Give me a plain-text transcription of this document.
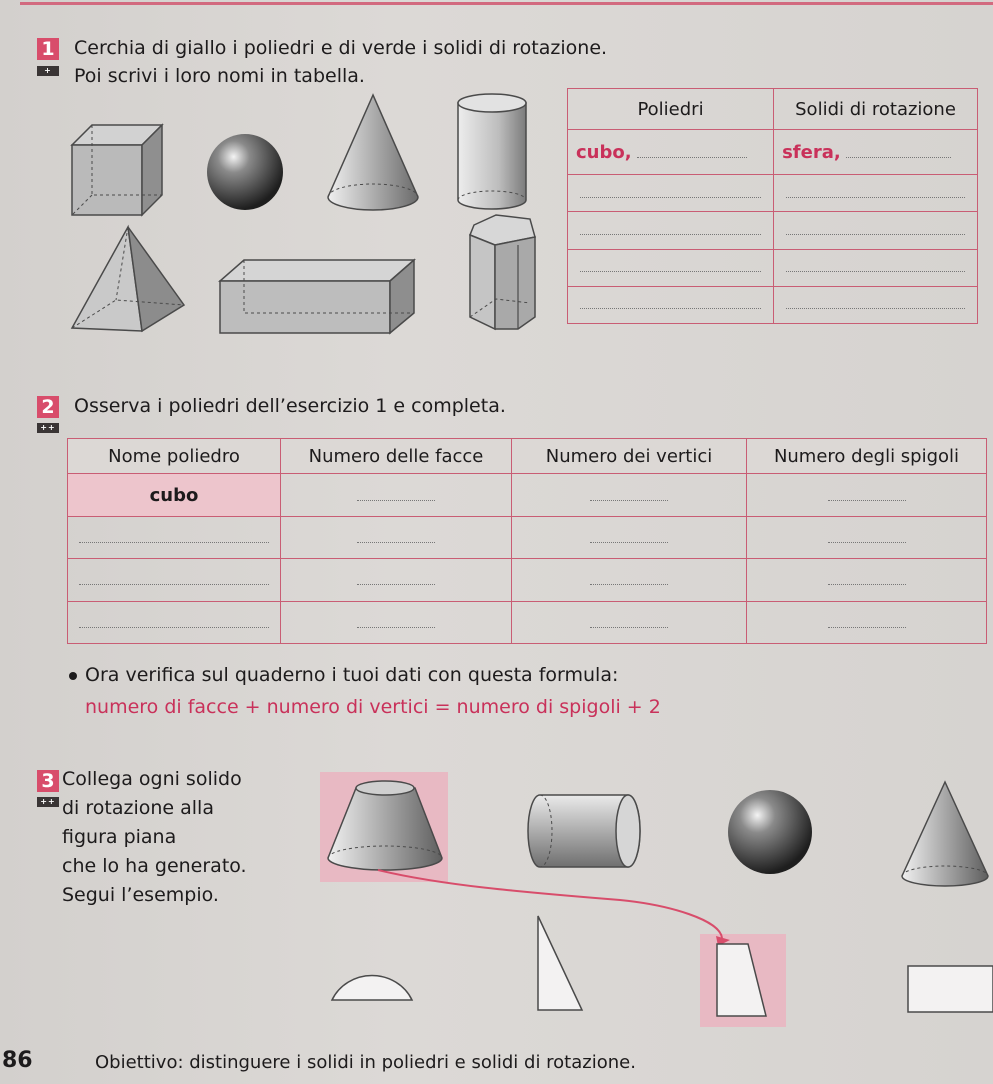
1
+
Cerchia di giallo i poliedri e di verde i solidi di rotazione.
Poi scrivi i loro nomi in tabella.
Poliedri	Solidi di rotazione
cubo,	sfera,

2
++
Osserva i poliedri dell’esercizio 1 e completa.
Nome poliedro	Numero delle facce	Numero dei vertici	Numero degli spigoli
cubo			

Ora verifica sul quaderno i tuoi dati con questa formula:
numero di facce + numero di vertici = numero di spigoli + 2
3
++
Collega ogni solido
di rotazione alla
figura piana
che lo ha generato.
Segui l’esempio.
86	Obiettivo: distinguere i solidi in poliedri e solidi di rotazione.
